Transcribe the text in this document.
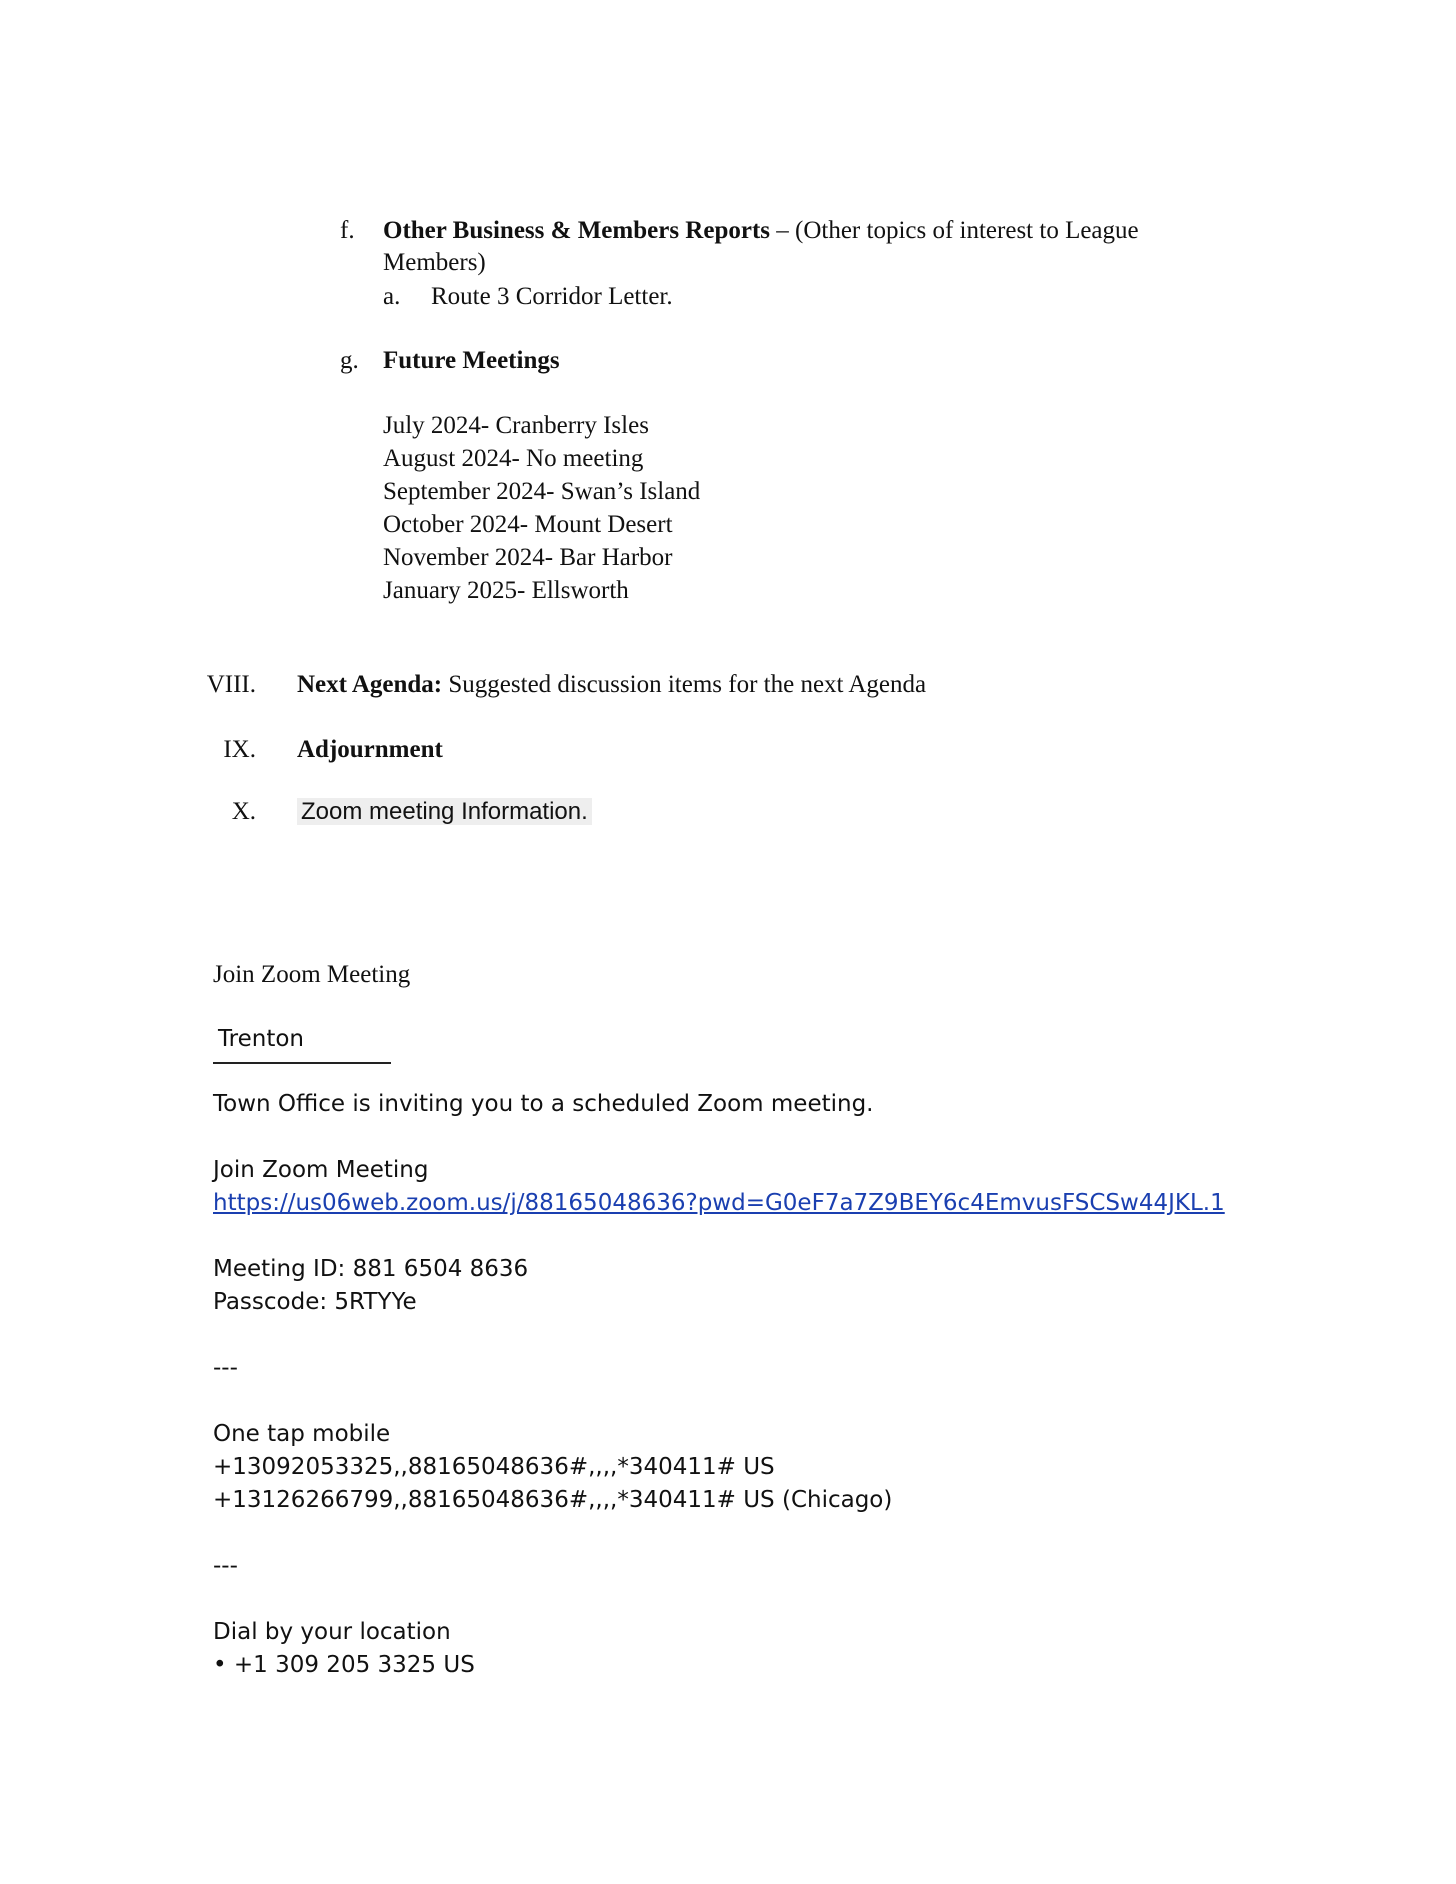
f. Other Business & Members Reports – (Other topics of interest to League
Members)
a. Route 3 Corridor Letter.
g. Future Meetings
July 2024- Cranberry Isles
August 2024- No meeting
September 2024- Swan’s Island
October 2024- Mount Desert
November 2024- Bar Harbor
January 2025- Ellsworth
VIII. Next Agenda: Suggested discussion items for the next Agenda
IX. Adjournment
X. Zoom meeting Information.
Join Zoom Meeting
Trenton
Town Office is inviting you to a scheduled Zoom meeting.
Join Zoom Meeting
https://us06web.zoom.us/j/88165048636?pwd=G0eF7a7Z9BEY6c4EmvusFSCSw44JKL.1
Meeting ID: 881 6504 8636
Passcode: 5RTYYe
---
One tap mobile
+13092053325,,88165048636#,,,,*340411# US
+13126266799,,88165048636#,,,,*340411# US (Chicago)
---
Dial by your location
• +1 309 205 3325 US
